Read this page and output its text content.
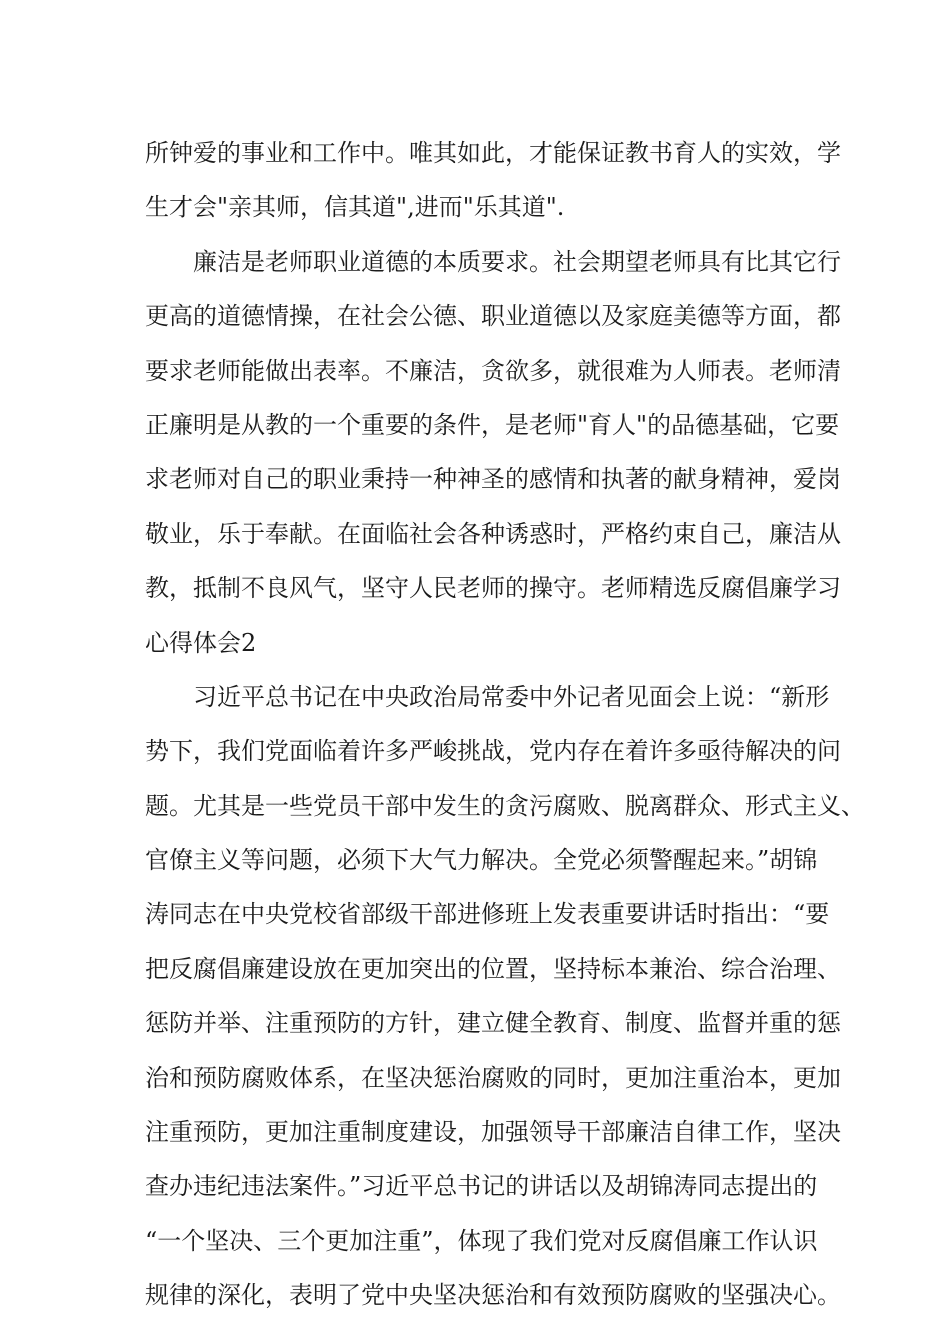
所钟爱的事业和工作中。唯其如此，才能保证教书育人的实效，学
生才会"亲其师，信其道",进而"乐其道".
　　廉洁是老师职业道德的本质要求。社会期望老师具有比其它行
更高的道德情操，在社会公德、职业道德以及家庭美德等方面，都
要求老师能做出表率。不廉洁，贪欲多，就很难为人师表。老师清
正廉明是从教的一个重要的条件，是老师"育人"的品德基础，它要
求老师对自己的职业秉持一种神圣的感情和执著的献身精神，爱岗
敬业，乐于奉献。在面临社会各种诱惑时，严格约束自己，廉洁从
教，抵制不良风气，坚守人民老师的操守。老师精选反腐倡廉学习
心得体会2
　　习近平总书记在中央政治局常委中外记者见面会上说：“新形
势下，我们党面临着许多严峻挑战，党内存在着许多亟待解决的问
题。尤其是一些党员干部中发生的贪污腐败、脱离群众、形式主义、
官僚主义等问题，必须下大气力解决。全党必须警醒起来。”胡锦
涛同志在中央党校省部级干部进修班上发表重要讲话时指出：“要
把反腐倡廉建设放在更加突出的位置，坚持标本兼治、综合治理、
惩防并举、注重预防的方针，建立健全教育、制度、监督并重的惩
治和预防腐败体系，在坚决惩治腐败的同时，更加注重治本，更加
注重预防，更加注重制度建设，加强领导干部廉洁自律工作，坚决
查办违纪违法案件。”习近平总书记的讲话以及胡锦涛同志提出的
“一个坚决、三个更加注重”，体现了我们党对反腐倡廉工作认识
规律的深化，表明了党中央坚决惩治和有效预防腐败的坚强决心。
